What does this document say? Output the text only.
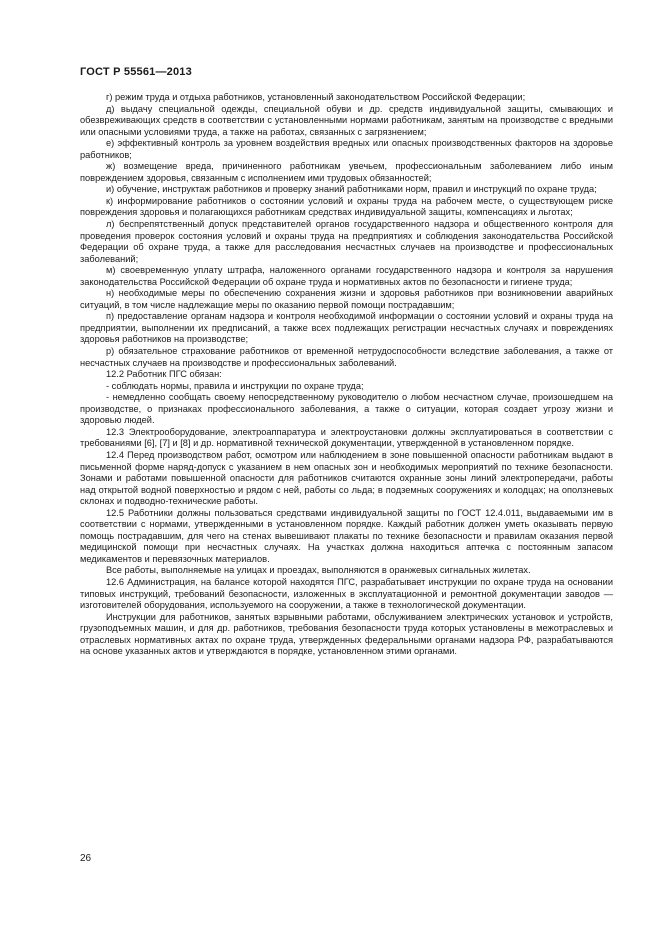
ГОСТ Р 55561—2013

г) режим труда и отдыха работников, установленный законодательством Российской Федерации;

д) выдачу специальной одежды, специальной обуви и др. средств индивидуальной защиты, смывающих и обезвреживающих средств в соответствии с установленными нормами работникам, занятым на производстве с вредными или опасными условиями труда, а также на работах, связанных с загрязнением;

е) эффективный контроль за уровнем воздействия вредных или опасных производственных факторов на здоровье работников;

ж) возмещение вреда, причиненного работникам увечьем, профессиональным заболеванием либо иным повреждением здоровья, связанным с исполнением ими трудовых обязанностей;

и) обучение, инструктаж работников и проверку знаний работниками норм, правил и инструкций по охране труда;

к) информирование работников о состоянии условий и охраны труда на рабочем месте, о существующем риске повреждения здоровья и полагающихся работникам средствах индивидуальной защиты, компенсациях и льготах;

л) беспрепятственный допуск представителей органов государственного надзора и общественного контроля для проведения проверок состояния условий и охраны труда на предприятиях и соблюдения законодательства Российской Федерации об охране труда, а также для расследования несчастных случаев на производстве и профессиональных заболеваний;

м) своевременную уплату штрафа, наложенного органами государственного надзора и контроля за нарушения законодательства Российской Федерации об охране труда и нормативных актов по безопасности и гигиене труда;

н) необходимые меры по обеспечению сохранения жизни и здоровья работников при возникновении аварийных ситуаций, в том числе надлежащие меры по оказанию первой помощи пострадавшим;

п) предоставление органам надзора и контроля необходимой информации о состоянии условий и охраны труда на предприятии, выполнении их предписаний, а также всех подлежащих регистрации несчастных случаях и повреждениях здоровья работников на производстве;

р) обязательное страхование работников от временной нетрудоспособности вследствие заболевания, а также от несчастных случаев на производстве и профессиональных заболеваний.

12.2 Работник ПГС обязан:

- соблюдать нормы, правила и инструкции по охране труда;

- немедленно сообщать своему непосредственному руководителю о любом несчастном случае, произошедшем на производстве, о признаках профессионального заболевания, а также о ситуации, которая создает угрозу жизни и здоровью людей.

12.3 Электрооборудование, электроаппаратура и электроустановки должны эксплуатироваться в соответствии с требованиями [6], [7] и [8] и др. нормативной технической документации, утвержденной в установленном порядке.

12.4 Перед производством работ, осмотром или наблюдением в зоне повышенной опасности работникам выдают в письменной форме наряд-допуск с указанием в нем опасных зон и необходимых мероприятий по технике безопасности. Зонами и работами повышенной опасности для работников считаются охранные зоны линий электропередачи, работы над открытой водной поверхностью и рядом с ней, работы со льда; в подземных сооружениях и колодцах; на оползневых склонах и подводно-технические работы.

12.5 Работники должны пользоваться средствами индивидуальной защиты по ГОСТ 12.4.011, выдаваемыми им в соответствии с нормами, утвержденными в установленном порядке. Каждый работник должен уметь оказывать первую помощь пострадавшим, для чего на стенах вывешивают плакаты по технике безопасности и правилам оказания первой медицинской помощи при несчастных случаях. На участках должна находиться аптечка с постоянным запасом медикаментов и перевязочных материалов.

Все работы, выполняемые на улицах и проездах, выполняются в оранжевых сигнальных жилетах.

12.6 Администрация, на балансе которой находятся ПГС, разрабатывает инструкции по охране труда на основании типовых инструкций, требований безопасности, изложенных в эксплуатационной и ремонтной документации заводов — изготовителей оборудования, используемого на сооружении, а также в технологической документации.

Инструкции для работников, занятых взрывными работами, обслуживанием электрических установок и устройств, грузоподъемных машин, и для др. работников, требования безопасности труда которых установлены в межотраслевых и отраслевых нормативных актах по охране труда, утвержденных федеральными органами надзора РФ, разрабатываются на основе указанных актов и утверждаются в порядке, установленном этими органами.

26
